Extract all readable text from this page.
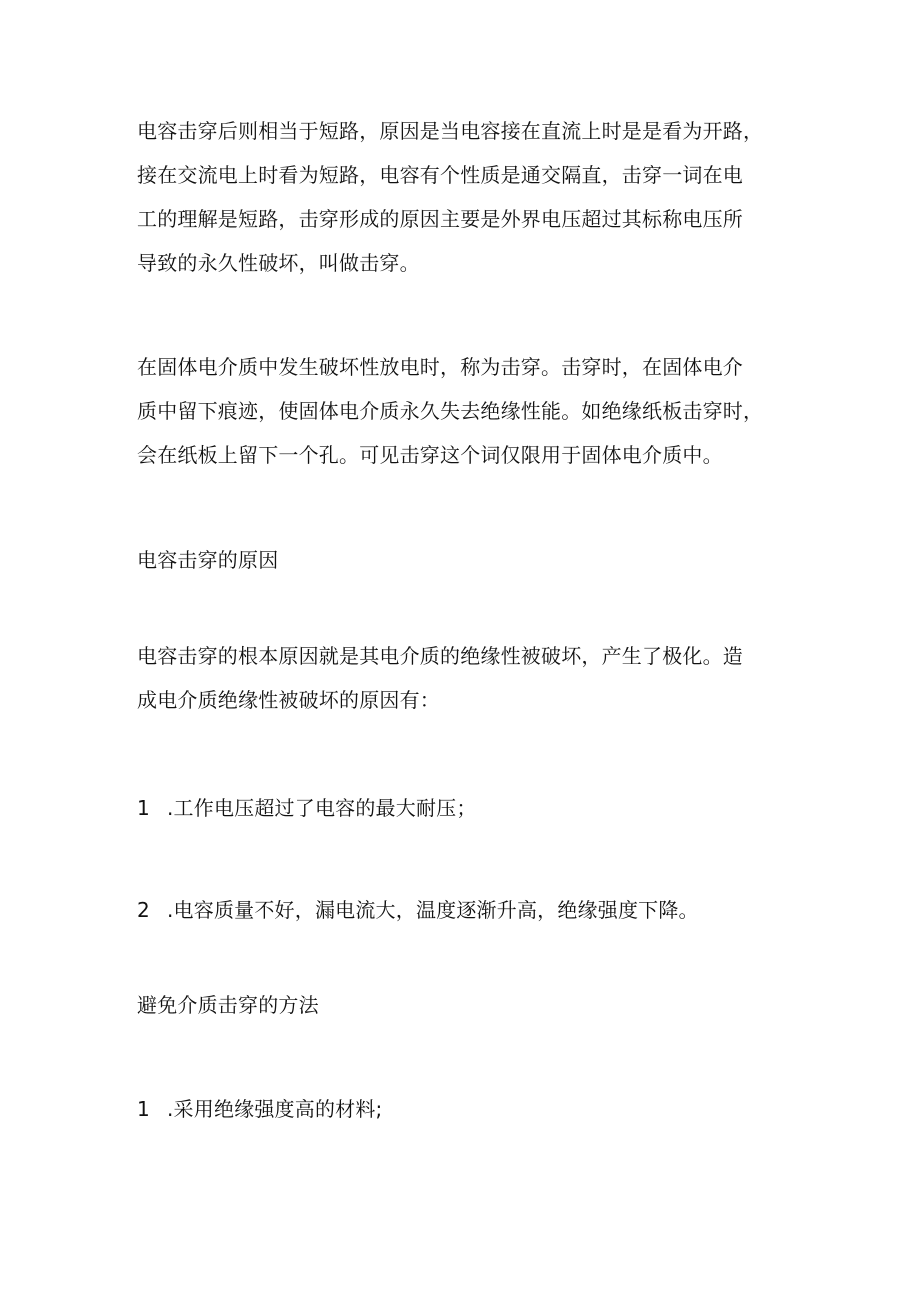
电容击穿后则相当于短路，原因是当电容接在直流上时是是看为开路，
接在交流电上时看为短路，电容有个性质是通交隔直，击穿一词在电
工的理解是短路，击穿形成的原因主要是外界电压超过其标称电压所
导致的永久性破坏，叫做击穿。
在固体电介质中发生破坏性放电时，称为击穿。击穿时，在固体电介
质中留下痕迹，使固体电介质永久失去绝缘性能。如绝缘纸板击穿时，
会在纸板上留下一个孔。可见击穿这个词仅限用于固体电介质中。
电容击穿的原因
电容击穿的根本原因就是其电介质的绝缘性被破坏，产生了极化。造
成电介质绝缘性被破坏的原因有：
1 .工作电压超过了电容的最大耐压；
2 .电容质量不好，漏电流大，温度逐渐升高，绝缘强度下降。
避免介质击穿的方法
1 .采用绝缘强度高的材料;
